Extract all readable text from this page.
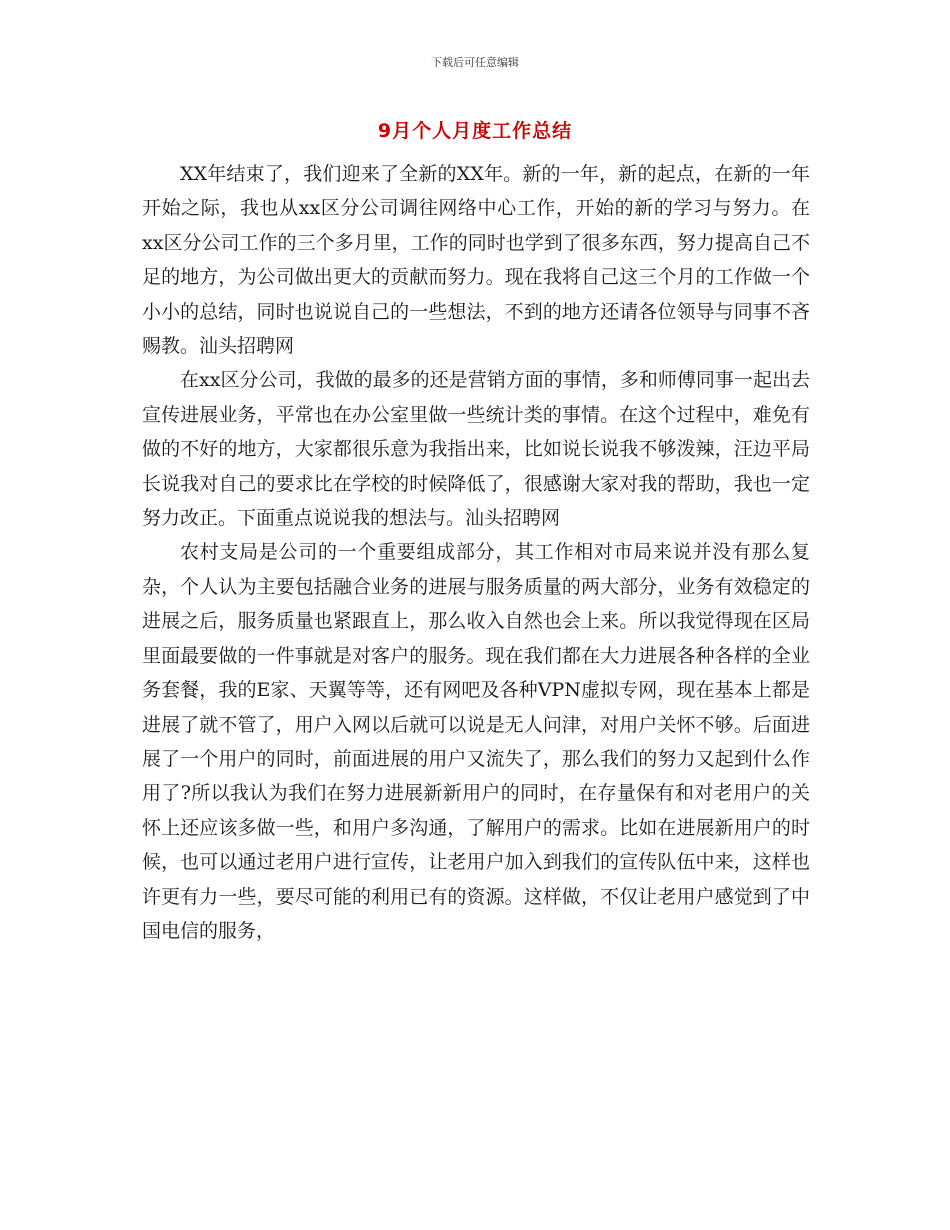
下载后可任意编辑
9月个人月度工作总结

XX年结束了，我们迎来了全新的XX年。新的一年，新的起点，在新的一年开始之际，我也从xx区分公司调往网络中心工作，开始的新的学习与努力。在xx区分公司工作的三个多月里，工作的同时也学到了很多东西，努力提高自己不足的地方，为公司做出更大的贡献而努力。现在我将自己这三个月的工作做一个小小的总结，同时也说说自己的一些想法，不到的地方还请各位领导与同事不吝赐教。汕头招聘网

在xx区分公司，我做的最多的还是营销方面的事情，多和师傅同事一起出去宣传进展业务，平常也在办公室里做一些统计类的事情。在这个过程中，难免有做的不好的地方，大家都很乐意为我指出来，比如说长说我不够泼辣，汪边平局长说我对自己的要求比在学校的时候降低了，很感谢大家对我的帮助，我也一定努力改正。下面重点说说我的想法与。汕头招聘网

农村支局是公司的一个重要组成部分，其工作相对市局来说并没有那么复杂，个人认为主要包括融合业务的进展与服务质量的两大部分，业务有效稳定的进展之后，服务质量也紧跟直上，那么收入自然也会上来。所以我觉得现在区局里面最要做的一件事就是对客户的服务。现在我们都在大力进展各种各样的全业务套餐，我的E家、天翼等等，还有网吧及各种VPN虚拟专网，现在基本上都是进展了就不管了，用户入网以后就可以说是无人问津，对用户关怀不够。后面进展了一个用户的同时，前面进展的用户又流失了，那么我们的努力又起到什么作用了?所以我认为我们在努力进展新新用户的同时，在存量保有和对老用户的关怀上还应该多做一些，和用户多沟通，了解用户的需求。比如在进展新用户的时候，也可以通过老用户进行宣传，让老用户加入到我们的宣传队伍中来，这样也许更有力一些，要尽可能的利用已有的资源。这样做，不仅让老用户感觉到了中国电信的服务，
